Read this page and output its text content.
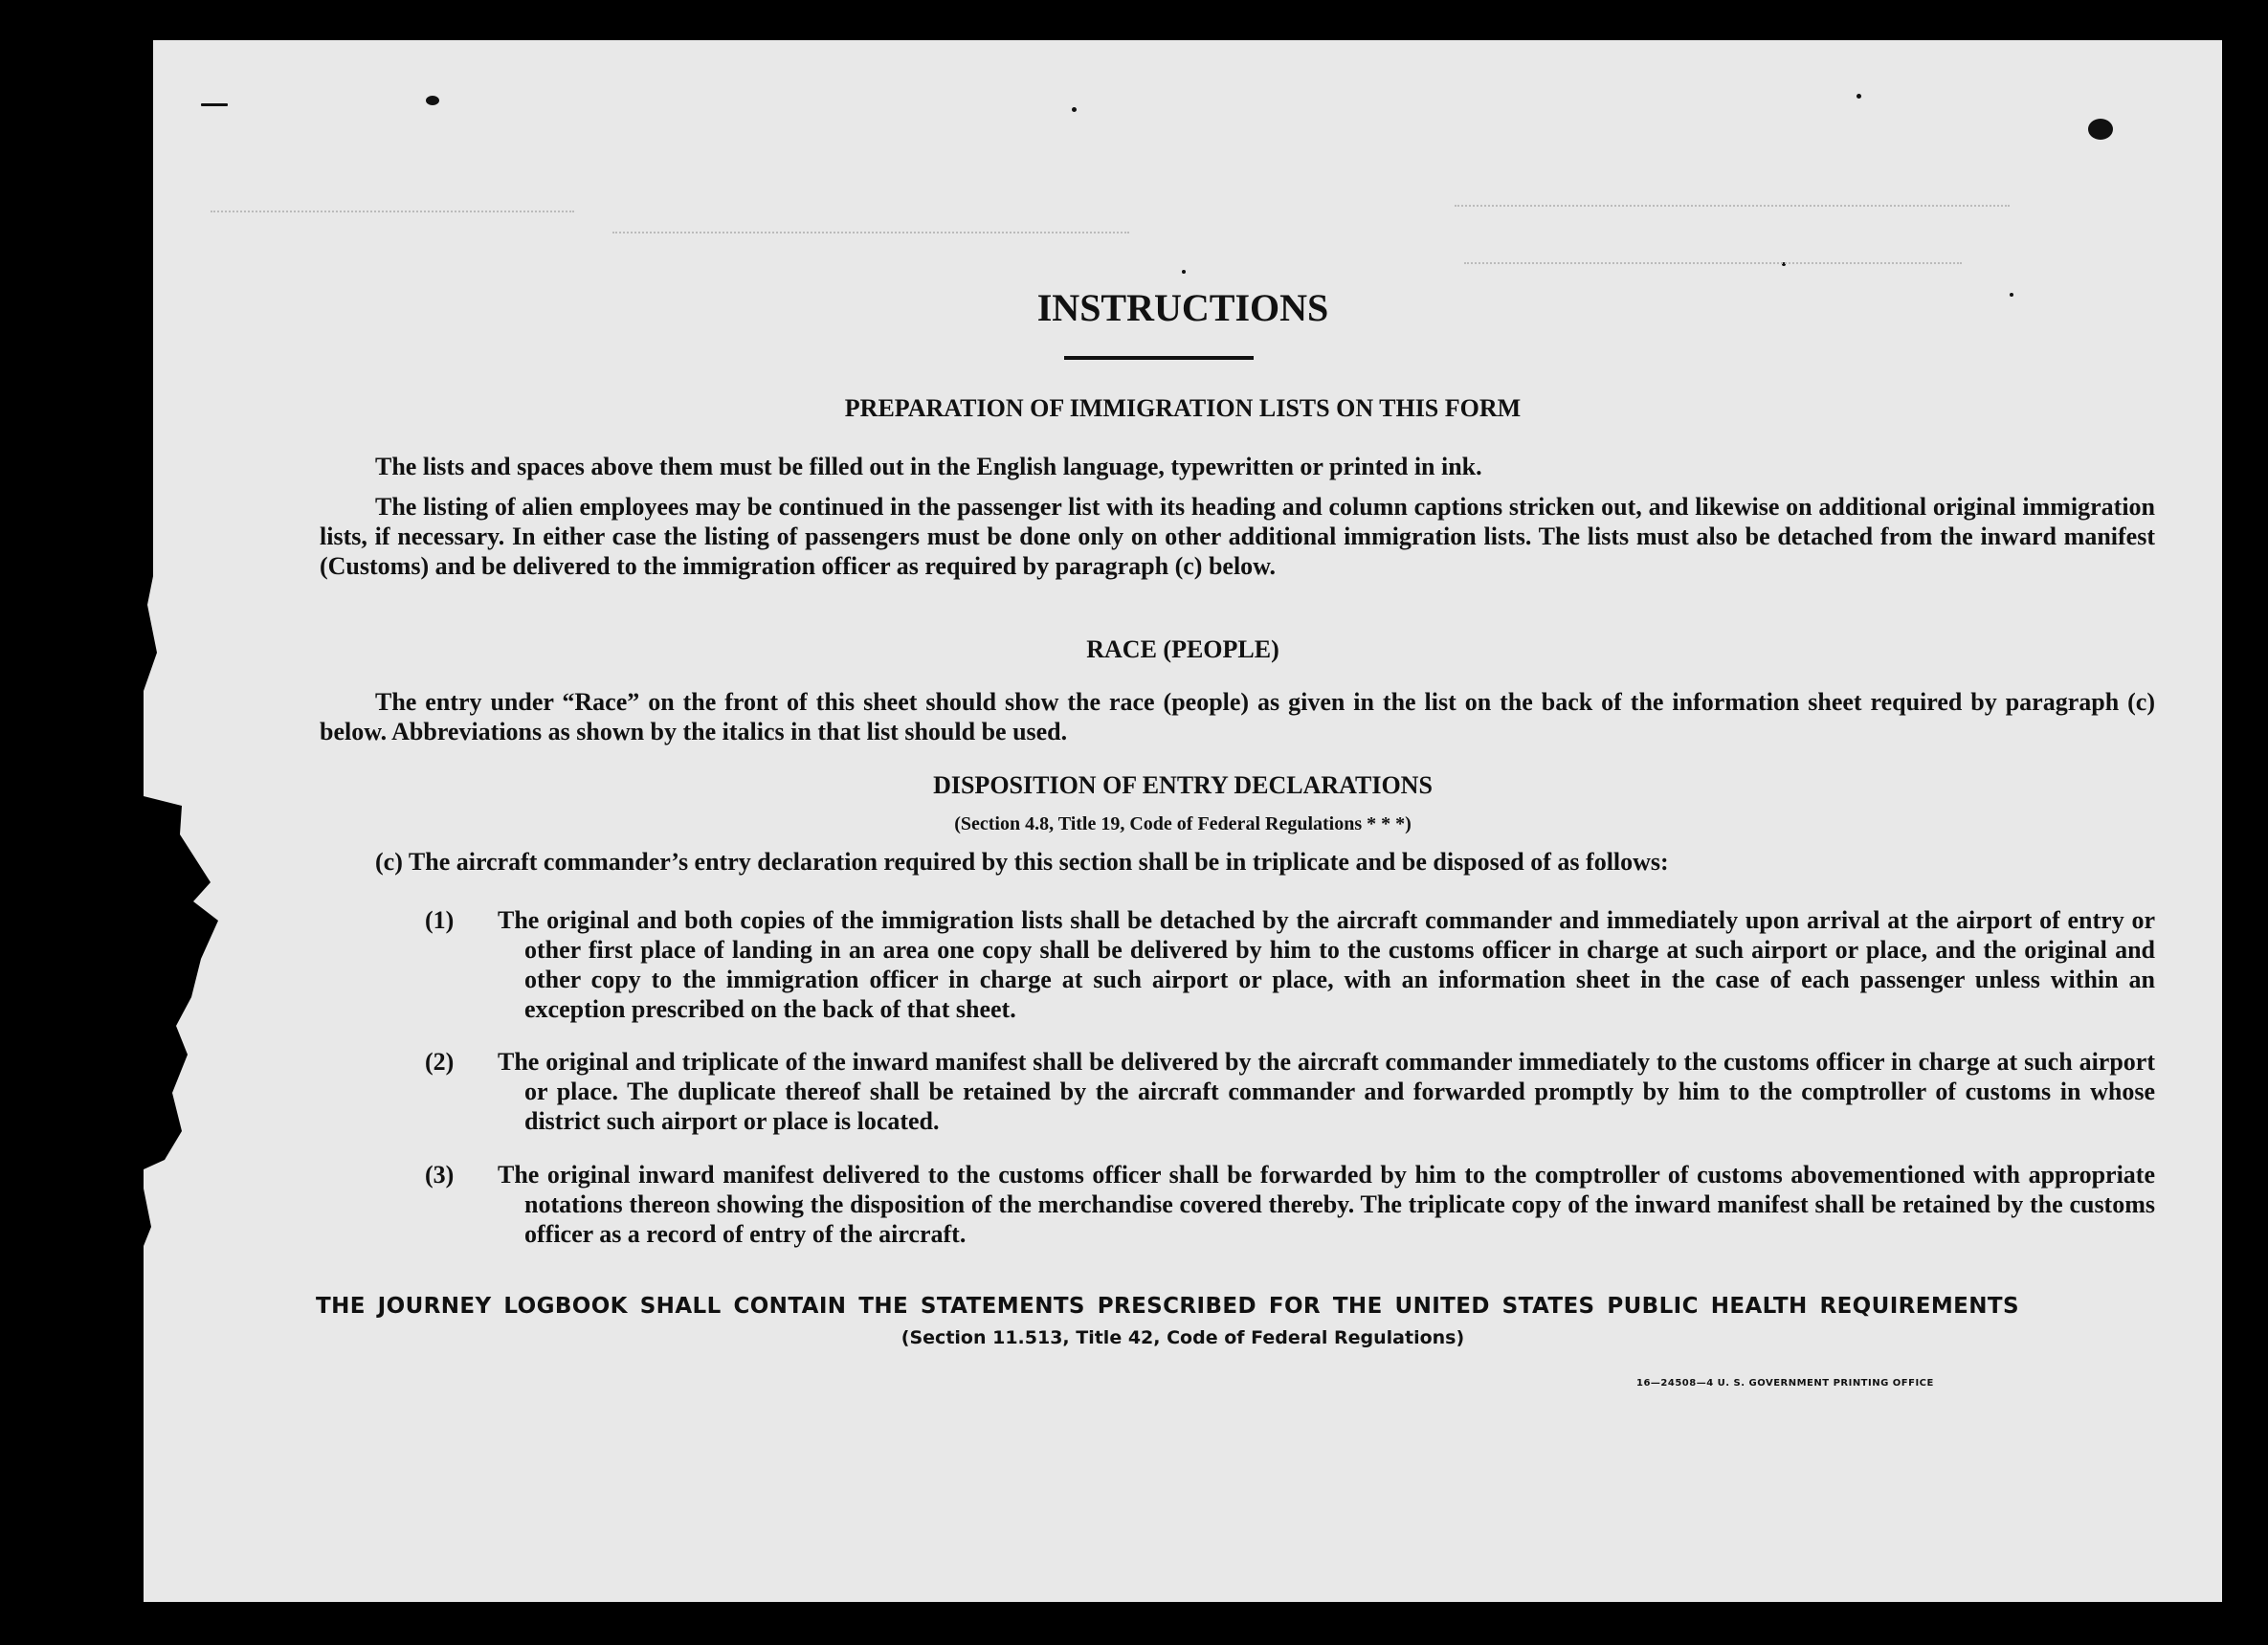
INSTRUCTIONS
PREPARATION OF IMMIGRATION LISTS ON THIS FORM
The lists and spaces above them must be filled out in the English language, typewritten or printed in ink.
The listing of alien employees may be continued in the passenger list with its heading and column captions stricken out, and likewise on additional original immigration lists, if necessary. In either case the listing of passengers must be done only on other additional immigration lists. The lists must also be detached from the inward manifest (Customs) and be delivered to the immigration officer as required by paragraph (c) below.
RACE (PEOPLE)
The entry under “Race” on the front of this sheet should show the race (people) as given in the list on the back of the information sheet required by paragraph (c) below. Abbreviations as shown by the italics in that list should be used.
DISPOSITION OF ENTRY DECLARATIONS
(Section 4.8, Title 19, Code of Federal Regulations * * *)
(c) The aircraft commander’s entry declaration required by this section shall be in triplicate and be disposed of as follows:
(1) The original and both copies of the immigration lists shall be detached by the aircraft commander and immediately upon arrival at the airport of entry or other first place of landing in an area one copy shall be delivered by him to the customs officer in charge at such airport or place, and the original and other copy to the immigration officer in charge at such airport or place, with an information sheet in the case of each passenger unless within an exception prescribed on the back of that sheet.
(2) The original and triplicate of the inward manifest shall be delivered by the aircraft commander immediately to the customs officer in charge at such airport or place. The duplicate thereof shall be retained by the aircraft commander and forwarded promptly by him to the comptroller of customs in whose district such airport or place is located.
(3) The original inward manifest delivered to the customs officer shall be forwarded by him to the comptroller of customs abovementioned with appropriate notations thereon showing the disposition of the merchandise covered thereby. The triplicate copy of the inward manifest shall be retained by the customs officer as a record of entry of the aircraft.
THE JOURNEY LOGBOOK SHALL CONTAIN THE STATEMENTS PRESCRIBED FOR THE UNITED STATES PUBLIC HEALTH REQUIREMENTS
(Section 11.513, Title 42, Code of Federal Regulations)
16—24508—4 U. S. GOVERNMENT PRINTING OFFICE
